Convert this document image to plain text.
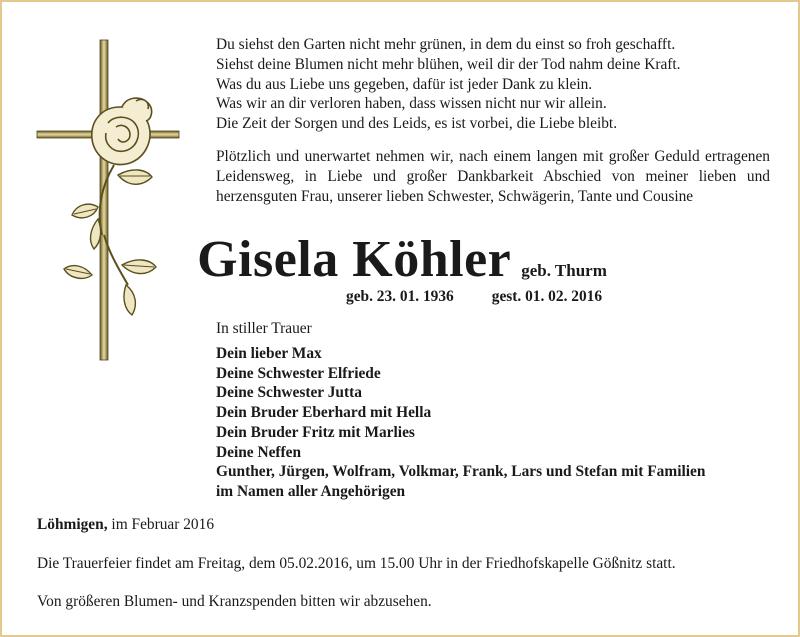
Du siehst den Garten nicht mehr grünen, in dem du einst so froh geschafft.
Siehst deine Blumen nicht mehr blühen, weil dir der Tod nahm deine Kraft.
Was du aus Liebe uns gegeben, dafür ist jeder Dank zu klein.
Was wir an dir verloren haben, dass wissen nicht nur wir allein.
Die Zeit der Sorgen und des Leids, es ist vorbei, die Liebe bleibt.
Plötzlich und unerwartet nehmen wir, nach einem langen mit großer Geduld ertragenen Leidensweg, in Liebe und großer Dankbarkeit Abschied von meiner lieben und herzensguten Frau, unserer lieben Schwester, Schwägerin, Tante und Cousine
Gisela Köhler geb. Thurm
geb. 23. 01. 1936 gest. 01. 02. 2016
In stiller Trauer
Dein lieber Max
Deine Schwester Elfriede
Deine Schwester Jutta
Dein Bruder Eberhard mit Hella
Dein Bruder Fritz mit Marlies
Deine Neffen
Gunther, Jürgen, Wolfram, Volkmar, Frank, Lars und Stefan mit Familien
im Namen aller Angehörigen
Löhmigen, im Februar 2016
Die Trauerfeier findet am Freitag, dem 05.02.2016, um 15.00 Uhr in der Friedhofskapelle Gößnitz statt.
Von größeren Blumen- und Kranzspenden bitten wir abzusehen.
